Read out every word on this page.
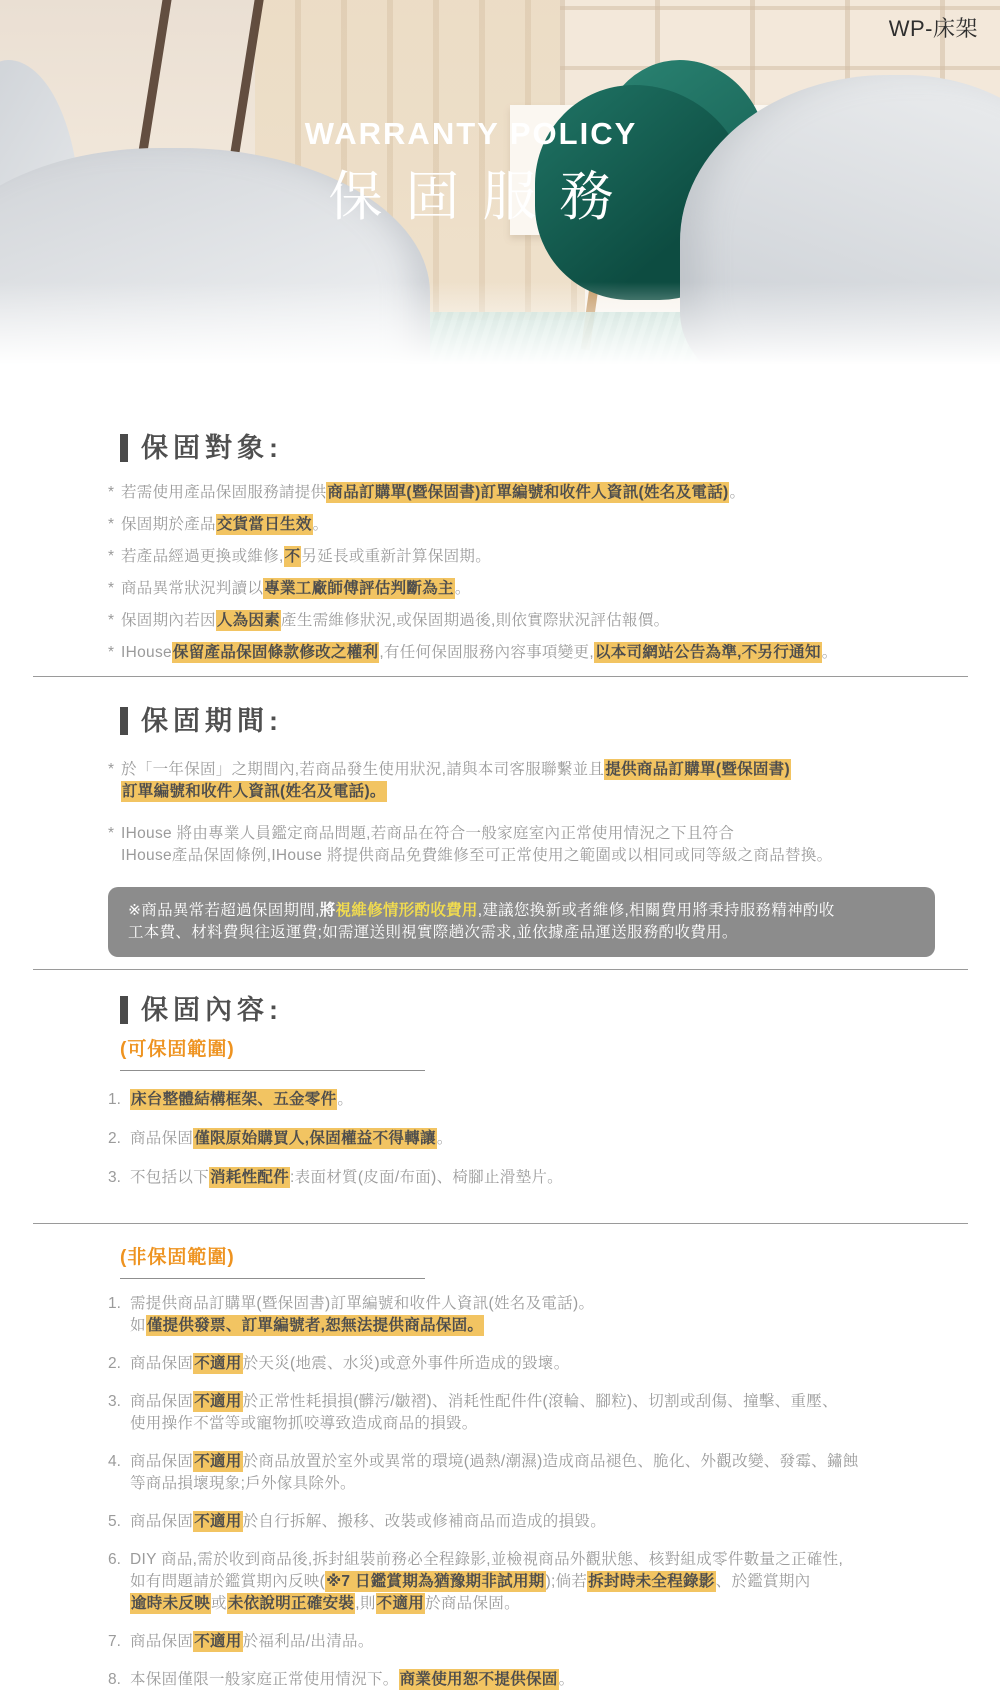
WARRANTY POLICY
保固服務
WP-床架
保固對象:
* 若需使用產品保固服務請提供商品訂購單(暨保固書)訂單編號和收件人資訊(姓名及電話)。
* 保固期於產品交貨當日生效。
* 若產品經過更換或維修,不另延長或重新計算保固期。
* 商品異常狀況判讀以專業工廠師傅評估判斷為主。
* 保固期內若因人為因素產生需維修狀況,或保固期過後,則依實際狀況評估報價。
* IHouse保留產品保固條款修改之權利,有任何保固服務內容事項變更,以本司網站公告為準,不另行通知。
保固期間:
* 於「一年保固」之期間內,若商品發生使用狀況,請與本司客服聯繫並且提供商品訂購單(暨保固書)
訂單編號和收件人資訊(姓名及電話)。
* IHouse 將由專業人員鑑定商品問題,若商品在符合一般家庭室內正常使用情況之下且符合
IHouse產品保固條例,IHouse 將提供商品免費維修至可正常使用之範圍或以相同或同等級之商品替換。
※商品異常若超過保固期間,將視維修情形酌收費用,建議您換新或者維修,相關費用將秉持服務精神酌收
工本費、材料費與往返運費;如需運送則視實際趟次需求,並依據產品運送服務酌收費用。
保固內容:
(可保固範圍)
1. 床台整體結構框架、五金零件。
2. 商品保固僅限原始購買人,保固權益不得轉讓。
3. 不包括以下消耗性配件:表面材質(皮面/布面)、椅腳止滑墊片。
(非保固範圍)
1. 需提供商品訂購單(暨保固書)訂單編號和收件人資訊(姓名及電話)。
如僅提供發票、訂單編號者,恕無法提供商品保固。
2. 商品保固不適用於天災(地震、水災)或意外事件所造成的毀壞。
3. 商品保固不適用於正常性耗損損(髒污/皺褶)、消耗性配件件(滾輪、腳粒)、切割或刮傷、撞擊、重壓、
使用操作不當等或寵物抓咬導致造成商品的損毀。
4. 商品保固不適用於商品放置於室外或異常的環境(過熱/潮濕)造成商品褪色、脆化、外觀改變、發霉、鏽蝕
等商品損壞現象;戶外傢具除外。
5. 商品保固不適用於自行拆解、搬移、改裝或修補商品而造成的損毀。
6. DIY 商品,需於收到商品後,拆封組裝前務必全程錄影,並檢視商品外觀狀態、核對組成零件數量之正確性,
如有問題請於鑑賞期內反映(※7 日鑑賞期為猶豫期非試用期);倘若拆封時未全程錄影、於鑑賞期內
逾時未反映或未依說明正確安裝,則不適用於商品保固。
7. 商品保固不適用於福利品/出清品。
8. 本保固僅限一般家庭正常使用情況下。商業使用恕不提供保固。
